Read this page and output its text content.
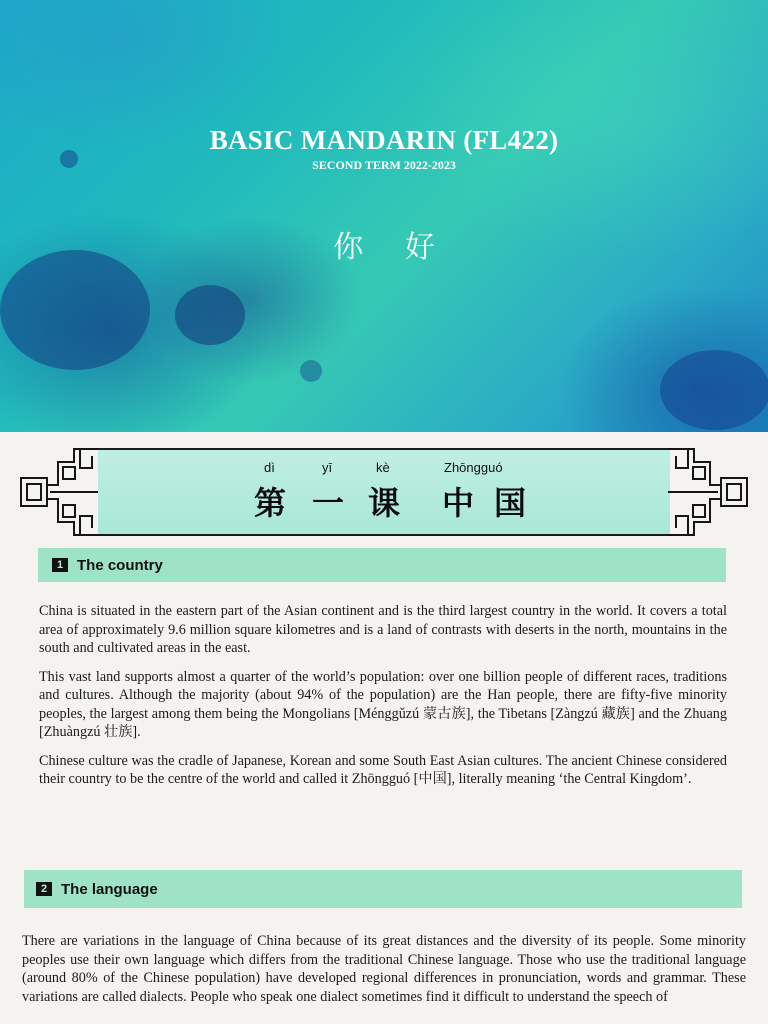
BASIC MANDARIN (FL422)
SECOND TERM 2022-2023
你 好
dì	yī	kè	Zhōngguó
第 一 课 中 国
1 The country

China is situated in the eastern part of the Asian continent and is the third largest country in the world. It covers a total area of approximately 9.6 million square kilometres and is a land of contrasts with deserts in the north, mountains in the south and cultivated areas in the east.

This vast land supports almost a quarter of the world’s population: over one billion people of different races, traditions and cultures. Although the majority (about 94% of the population) are the Han people, there are fifty-five minority peoples, the largest among them being the Mongolians [Ménggǔzú 蒙古族], the Tibetans [Zàngzú 藏族] and the Zhuang [Zhuàngzú 壮族].

Chinese culture was the cradle of Japanese, Korean and some South East Asian cultures. The ancient Chinese considered their country to be the centre of the world and called it Zhōngguó [中国], literally meaning ‘the Central Kingdom’.

2 The language

There are variations in the language of China because of its great distances and the diversity of its people. Some minority peoples use their own language which differs from the traditional Chinese language. Those who use the traditional language (around 80% of the Chinese population) have developed regional differences in pronunciation, words and grammar. These variations are called dialects. People who speak one dialect sometimes find it difficult to understand the speech of
